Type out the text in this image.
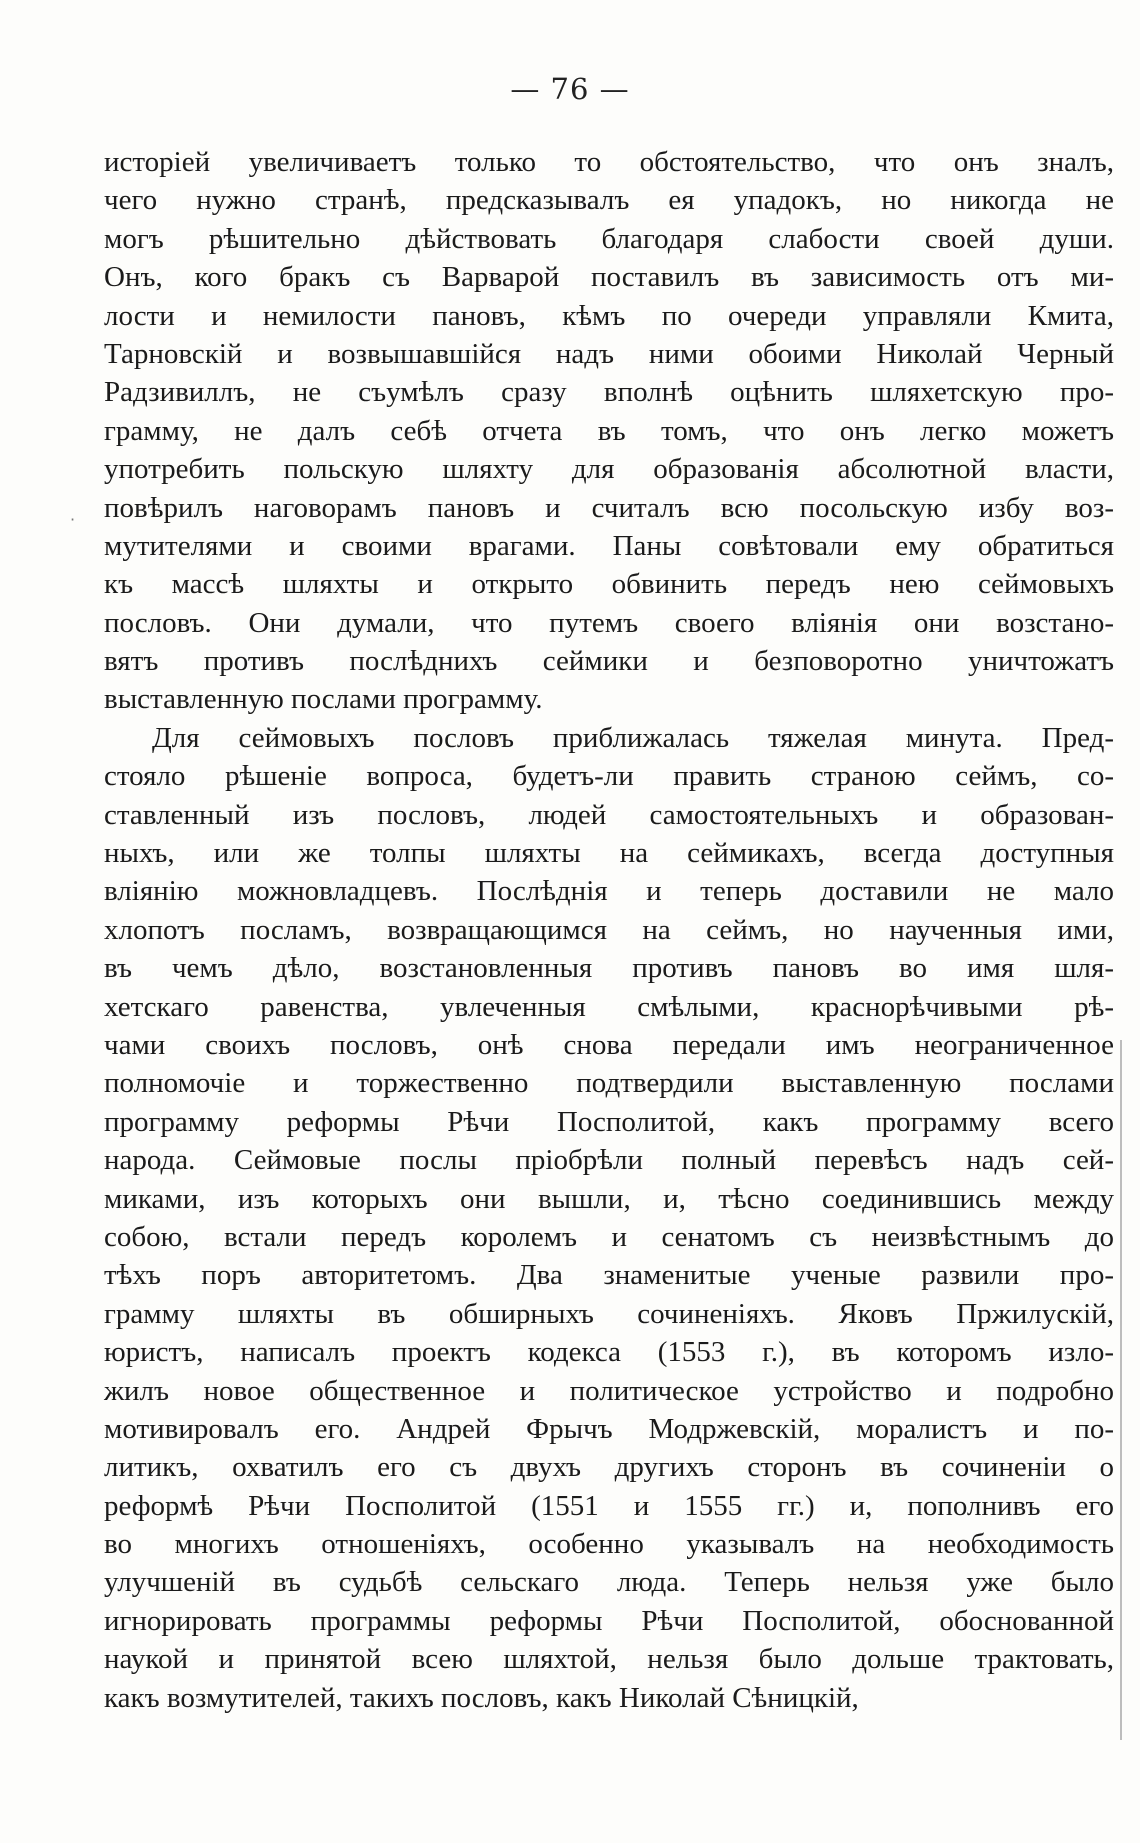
— 76 —
·
исторіей увеличиваетъ только то обстоятельство, что онъ зналъ,
чего нужно странѣ, предсказывалъ ея упадокъ, но никогда не
могъ рѣшительно дѣйствовать благодаря слабости своей души.
Онъ, кого бракъ съ Варварой поставилъ въ зависимость отъ ми-
лости и немилости пановъ, кѣмъ по очереди управляли Кмита,
Тарновскій и возвышавшійся надъ ними обоими Николай Черный
Радзивиллъ, не съумѣлъ сразу вполнѣ оцѣнить шляхетскую про-
грамму, не далъ себѣ отчета въ томъ, что онъ легко можетъ
употребить польскую шляхту для образованія абсолютной власти,
повѣрилъ наговорамъ пановъ и считалъ всю посольскую избу воз-
мутителями и своими врагами. Паны совѣтовали ему обратиться
къ массѣ шляхты и открыто обвинить передъ нею сеймовыхъ
пословъ. Они думали, что путемъ своего вліянія они возстано-
вятъ противъ послѣднихъ сеймики и безповоротно уничтожатъ
выставленную послами программу.
Для сеймовыхъ пословъ приближалась тяжелая минута. Пред-
стояло рѣшеніе вопроса, будетъ-ли править страною сеймъ, со-
ставленный изъ пословъ, людей самостоятельныхъ и образован-
ныхъ, или же толпы шляхты на сеймикахъ, всегда доступныя
вліянію можновладцевъ. Послѣднія и теперь доставили не мало
хлопотъ посламъ, возвращающимся на сеймъ, но наученныя ими,
въ чемъ дѣло, возстановленныя противъ пановъ во имя шля-
хетскаго равенства, увлеченныя смѣлыми, краснорѣчивыми рѣ-
чами своихъ пословъ, онѣ снова передали имъ неограниченное
полномочіе и торжественно подтвердили выставленную послами
программу реформы Рѣчи Посполитой, какъ программу всего
народа. Сеймовые послы пріобрѣли полный перевѣсъ надъ сей-
миками, изъ которыхъ они вышли, и, тѣсно соединившись между
собою, встали передъ королемъ и сенатомъ съ неизвѣстнымъ до
тѣхъ поръ авторитетомъ. Два знаменитые ученые развили про-
грамму шляхты въ обширныхъ сочиненіяхъ. Яковъ Пржилускій,
юристъ, написалъ проектъ кодекса (1553 г.), въ которомъ изло-
жилъ новое общественное и политическое устройство и подробно
мотивировалъ его. Андрей Фрычъ Модржевскій, моралистъ и по-
литикъ, охватилъ его съ двухъ другихъ сторонъ въ сочиненіи о
реформѣ Рѣчи Посполитой (1551 и 1555 гг.) и, пополнивъ его
во многихъ отношеніяхъ, особенно указывалъ на необходимость
улучшеній въ судьбѣ сельскаго люда. Теперь нельзя уже было
игнорировать программы реформы Рѣчи Посполитой, обоснованной
наукой и принятой всею шляхтой, нельзя было дольше трактовать,
какъ возмутителей, такихъ пословъ, какъ Николай Сѣницкій,
